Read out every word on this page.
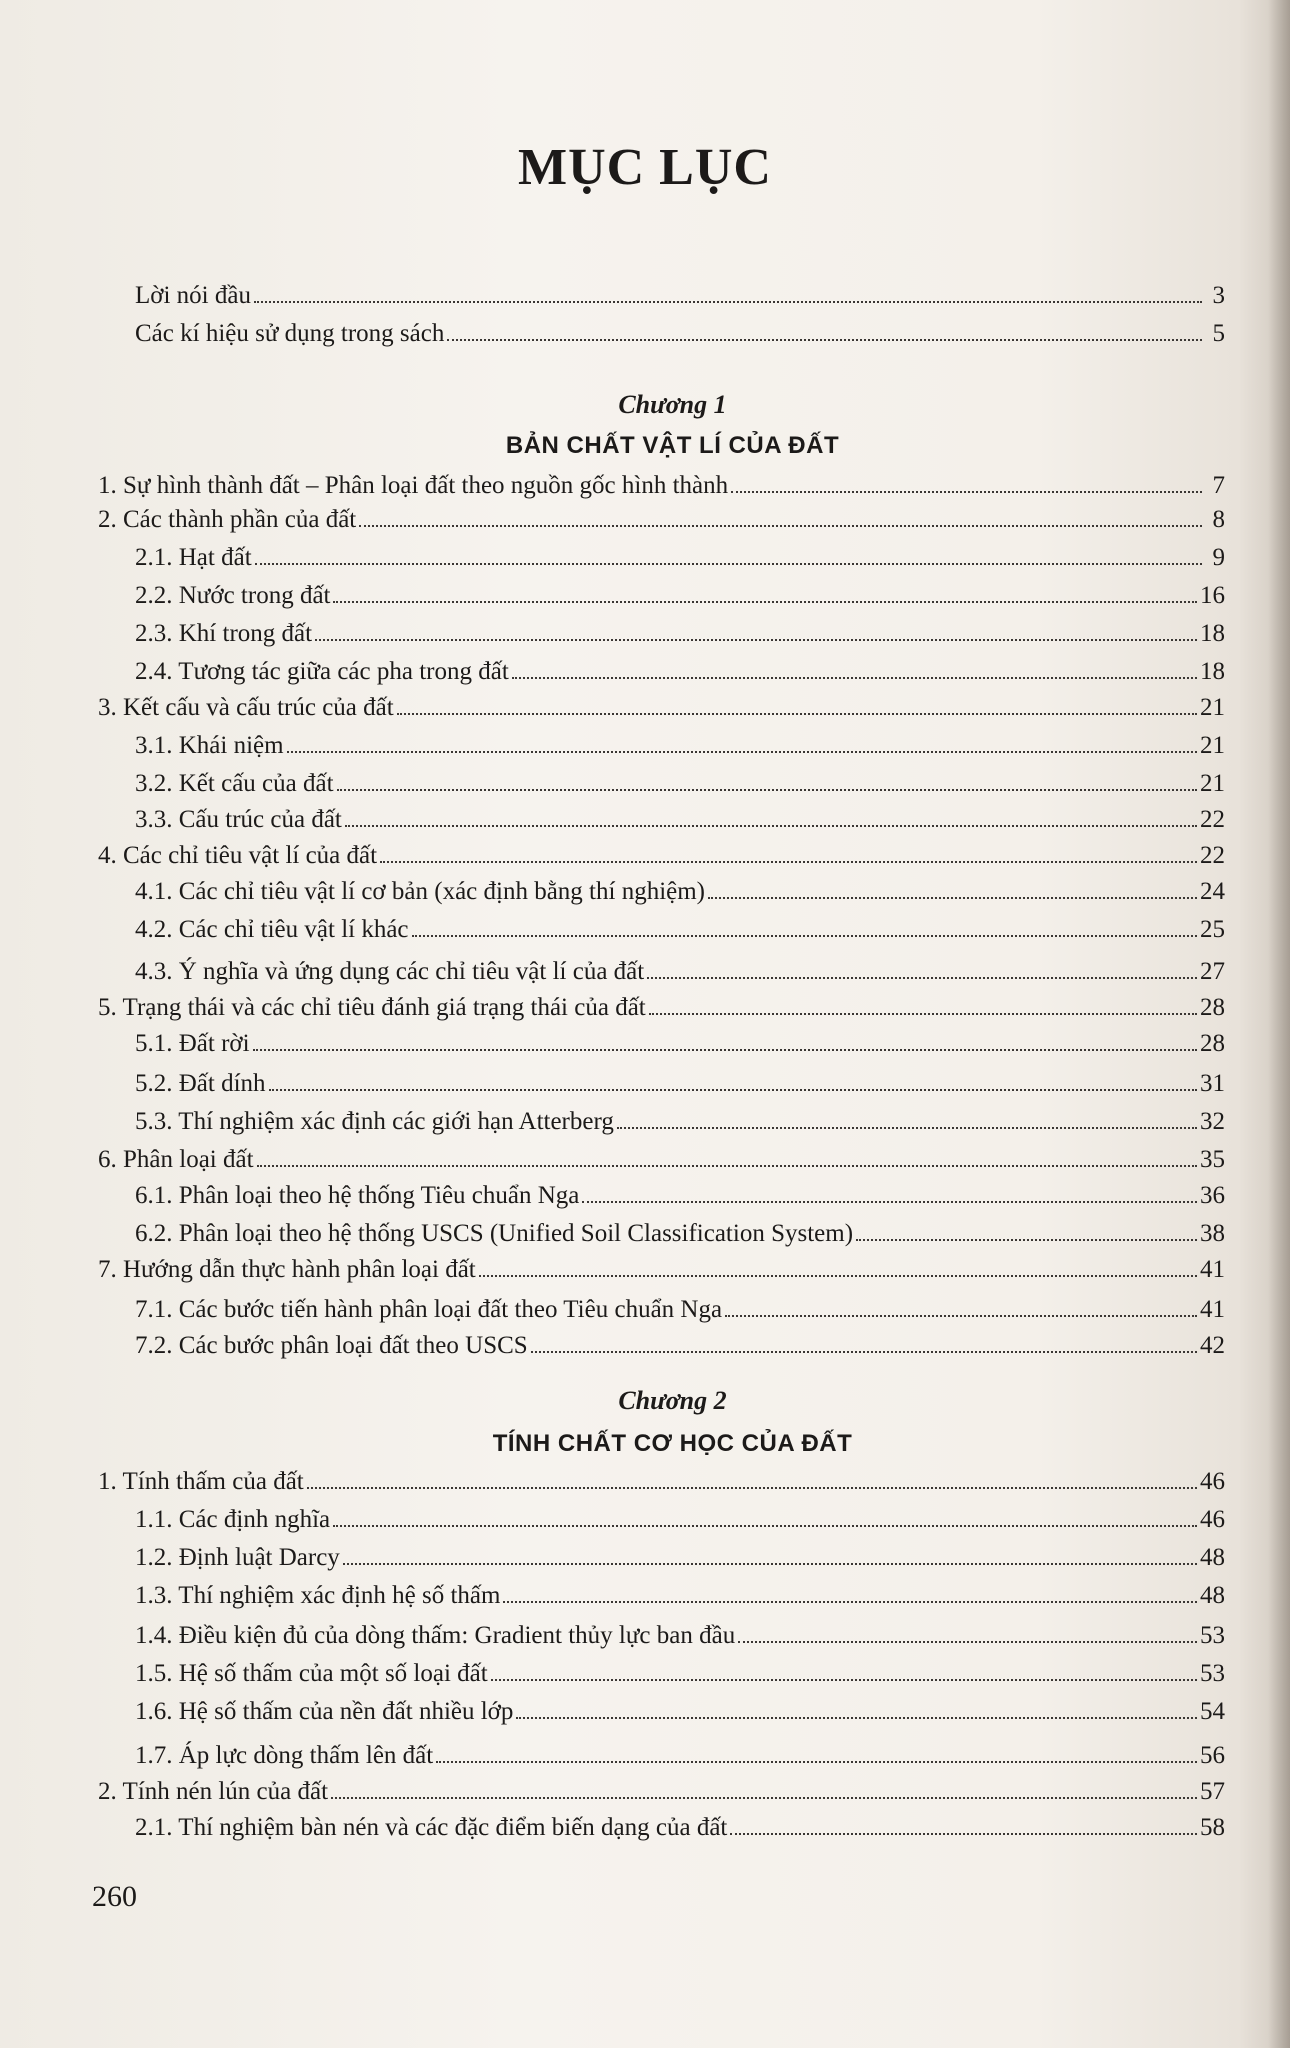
MỤC LỤC
Lời nói đầu	3
Các kí hiệu sử dụng trong sách	5
Chương 1
BẢN CHẤT VẬT LÍ CỦA ĐẤT
1. Sự hình thành đất – Phân loại đất theo nguồn gốc hình thành	7
2. Các thành phần của đất	8
2.1. Hạt đất	9
2.2. Nước trong đất	16
2.3. Khí trong đất	18
2.4. Tương tác giữa các pha trong đất	18
3. Kết cấu và cấu trúc của đất	21
3.1. Khái niệm	21
3.2. Kết cấu của đất	21
3.3. Cấu trúc của đất	22
4. Các chỉ tiêu vật lí của đất	22
4.1. Các chỉ tiêu vật lí cơ bản (xác định bằng thí nghiệm)	24
4.2. Các chỉ tiêu vật lí khác	25
4.3. Ý nghĩa và ứng dụng các chỉ tiêu vật lí của đất	27
5. Trạng thái và các chỉ tiêu đánh giá trạng thái của đất	28
5.1. Đất rời	28
5.2. Đất dính	31
5.3. Thí nghiệm xác định các giới hạn Atterberg	32
6. Phân loại đất	35
6.1. Phân loại theo hệ thống Tiêu chuẩn Nga	36
6.2. Phân loại theo hệ thống USCS (Unified Soil Classification System)	38
7. Hướng dẫn thực hành phân loại đất	41
7.1. Các bước tiến hành phân loại đất theo Tiêu chuẩn Nga	41
7.2. Các bước phân loại đất theo USCS	42
Chương 2
TÍNH CHẤT CƠ HỌC CỦA ĐẤT
1. Tính thấm của đất	46
1.1. Các định nghĩa	46
1.2. Định luật Darcy	48
1.3. Thí nghiệm xác định hệ số thấm	48
1.4. Điều kiện đủ của dòng thấm: Gradient thủy lực ban đầu	53
1.5. Hệ số thấm của một số loại đất	53
1.6. Hệ số thấm của nền đất nhiều lớp	54
1.7. Áp lực dòng thấm lên đất	56
2. Tính nén lún của đất	57
2.1. Thí nghiệm bàn nén và các đặc điểm biến dạng của đất	58
260
